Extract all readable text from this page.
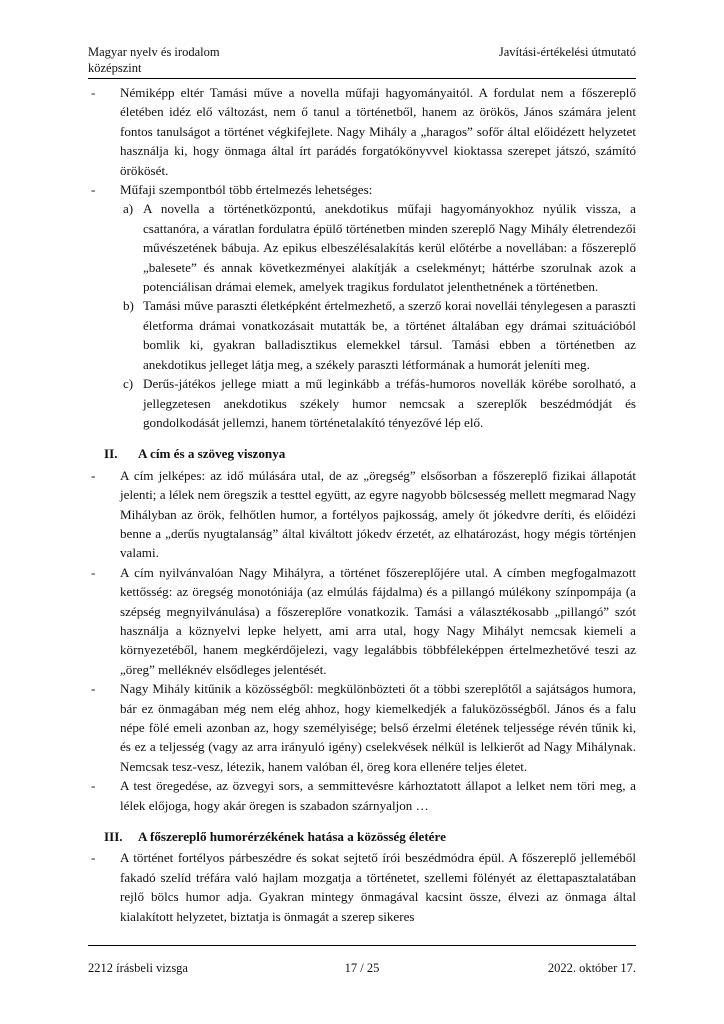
Magyar nyelv és irodalom
középszint
Javítási-értékelési útmutató
-	Némiképp eltér Tamási műve a novella műfaji hagyományaitól. A fordulat nem a főszereplő életében idéz elő változást, nem ő tanul a történetből, hanem az örökös, János számára jelent fontos tanulságot a történet végkifejlete. Nagy Mihály a „haragos” sofőr által előidézett helyzetet használja ki, hogy önmaga által írt parádés forgatókönyvvel kioktassa szerepet játszó, számító örökösét.
-	Műfaji szempontból több értelmezés lehetséges:
a) A novella a történetközpontú, anekdotikus műfaji hagyományokhoz nyúlik vissza, a csattanóra, a váratlan fordulatra épülő történetben minden szereplő Nagy Mihály életrendezői művészetének bábuja. Az epikus elbeszélésalakítás kerül előtérbe a novellában: a főszereplő „balesete” és annak következményei alakítják a cselekményt; háttérbe szorulnak azok a potenciálisan drámai elemek, amelyek tragikus fordulatot jelenthetnének a történetben.
b) Tamási műve paraszti életképként értelmezhető, a szerző korai novellái ténylegesen a paraszti életforma drámai vonatkozásait mutatták be, a történet általában egy drámai szituációból bomlik ki, gyakran balladisztikus elemekkel társul. Tamási ebben a történetben az anekdotikus jelleget látja meg, a székely paraszti létformának a humorát jeleníti meg.
c) Derűs-játékos jellege miatt a mű leginkább a tréfás-humoros novellák körébe sorolható, a jellegzetesen anekdotikus székely humor nemcsak a szereplők beszédmódját és gondolkodását jellemzi, hanem történetalakító tényezővé lép elő.
II.	A cím és a szöveg viszonya
-	A cím jelképes: az idő múlására utal, de az „öregség” elsősorban a főszereplő fizikai állapotát jelenti; a lélek nem öregszik a testtel együtt, az egyre nagyobb bölcsesség mellett megmarad Nagy Mihályban az örök, felhőtlen humor, a fortélyos pajkosság, amely őt jókedvre deríti, és előidézi benne a „derűs nyugtalanság” által kiváltott jókedv érzetét, az elhatározást, hogy mégis történjen valami.
-	A cím nyilvánvalóan Nagy Mihályra, a történet főszereplőjére utal. A címben megfogalmazott kettősség: az öregség monotóniája (az elmúlás fájdalma) és a pillangó múlékony színpompája (a szépség megnyilvánulása) a főszereplőre vonatkozik. Tamási a választékosabb „pillangó” szót használja a köznyelvi lepke helyett, ami arra utal, hogy Nagy Mihályt nemcsak kiemeli a környezetéből, hanem megkérdőjelezi, vagy legalábbis többféleképpen értelmezhetővé teszi az „öreg” melléknév elsődleges jelentését.
-	Nagy Mihály kitűnik a közösségből: megkülönbözteti őt a többi szereplőtől a sajátságos humora, bár ez önmagában még nem elég ahhoz, hogy kiemelkedjék a faluközösségből. János és a falu népe fölé emeli azonban az, hogy személyisége; belső érzelmi életének teljessége révén tűnik ki, és ez a teljesség (vagy az arra irányuló igény) cselekvések nélkül is lelkierőt ad Nagy Mihálynak. Nemcsak tesz-vesz, létezik, hanem valóban él, öreg kora ellenére teljes életet.
-	A test öregedése, az özvegyi sors, a semmittevésre kárhoztatott állapot a lelket nem töri meg, a lélek előjoga, hogy akár öregen is szabadon szárnyaljon …
III.	A főszereplő humorérzékének hatása a közösség életére
-	A történet fortélyos párbeszédre és sokat sejtető írói beszédmódra épül. A főszereplő jelleméből fakadó szelíd tréfára való hajlam mozgatja a történetet, szellemi fölényét az élettapasztalatában rejlő bölcs humor adja. Gyakran mintegy önmagával kacsint össze, élvezi az önmaga által kialakított helyzetet, biztatja is önmagát a szerep sikeres
2212 írásbeli vizsga	17 / 25	2022. október 17.
